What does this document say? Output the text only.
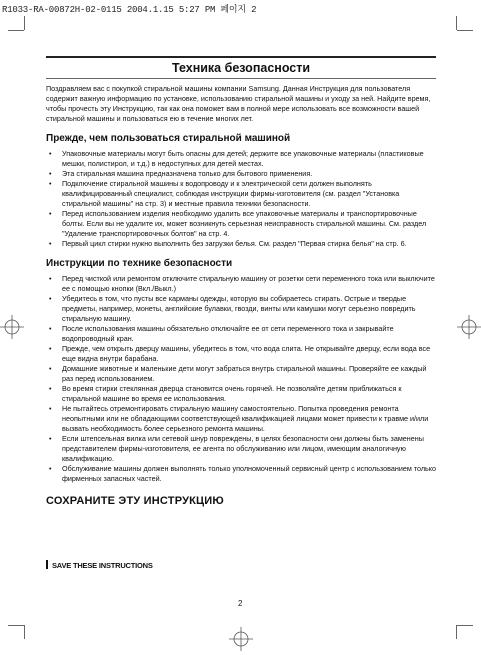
R1033-RA-00872H-02-0115 2004.1.15 5:27 PM 페이지 2
Техника безопасности

Поздравляем вас с покупкой стиральной машины компании Samsung. Данная Инструкция для пользователя содержит важную информацию по установке, использованию стиральной машины и уходу за ней. Найдите время, чтобы прочесть эту Инструкцию, так как она поможет вам в полной мере использовать все возможности вашей стиральной машины и пользоваться ею в течение многих лет.

Прежде, чем пользоваться стиральной машиной
• Упаковочные материалы могут быть опасны для детей; держите все упаковочные материалы (пластиковые мешки, полистирол, и т.д.) в недоступных для детей местах.
• Эта стиральная машина предназначена только для бытового применения.
• Подключение стиральной машины к водопроводу и к электрической сети должен выполнять квалифицированный специалист, соблюдая инструкции фирмы-изготовителя (см. раздел "Установка стиральной машины" на стр. 3) и местные правила техники безопасности.
• Перед использованием изделия необходимо удалить все упаковочные материалы и транспортировочные болты. Если вы не удалите их, может возникнуть серьезная неисправность стиральной машины. См. раздел "Удаление транспортировочных болтов" на стр. 4.
• Первый цикл стирки нужно выполнить без загрузки белья. См. раздел "Первая стирка белья" на стр. 6.
Инструкции по технике безопасности
• Перед чисткой или ремонтом отключите стиральную машину от розетки сети переменного тока или выключите ее с помощью кнопки (Вкл./Выкл.)
• Убедитесь в том, что пусты все карманы одежды, которую вы собираетесь стирать. Острые и твердые предметы, например, монеты, английские булавки, гвозди, винты или камушки могут серьезно повредить стиральную машину.
• После использования машины обязательно отключайте ее от сети переменного тока и закрывайте водопроводный кран.
• Прежде, чем открыть дверцу машины, убедитесь в том, что вода слита. Не открывайте дверцу, если вода все еще видна внутри барабана.
• Домашние животные и маленькие дети могут забраться внутрь стиральной машины. Проверяйте ее каждый раз перед использованием.
• Во время стирки стеклянная дверца становится очень горячей. Не позволяйте детям приближаться к стиральной машине во время ее использования.
• Не пытайтесь отремонтировать стиральную машину самостоятельно. Попытка проведения ремонта неопытными или не обладающими соответствующей квалификацией лицами может привести к травме и/или вызвать необходимость более серьезного ремонта машины.
• Если штепсельная вилка или сетевой шнур повреждены, в целях безопасности они должны быть заменены представителем фирмы-изготовителя, ее агента по обслуживанию или лицом, имеющим аналогичную квалификацию.
• Обслуживание машины должен выполнять только уполномоченный сервисный центр с использованием только фирменных запасных частей.
СОХРАНИТЕ ЭТУ ИНСТРУКЦИЮ
SAVE THESE INSTRUCTIONS
2
